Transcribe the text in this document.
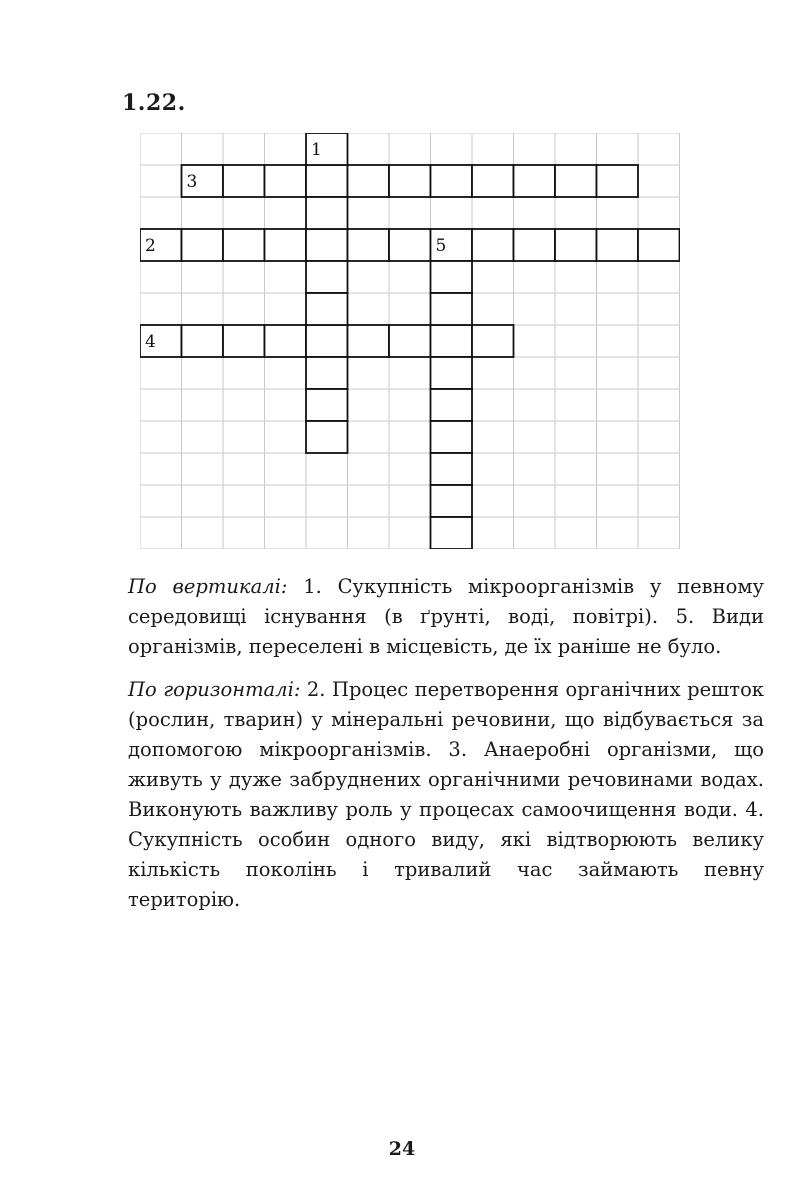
1.22.
1
2
3
4
5

По вертикалі: 1. Сукупність мікроорганізмів у певному середовищі існування (в ґрунті, воді, повітрі). 5. Види організмів, переселені в місцевість, де їх раніше не було.

По горизонталі: 2. Процес перетворення органічних решток (рослин, тварин) у мінеральні речовини, що відбувається за допомогою мікроорганізмів. 3. Анаеробні організми, що живуть у дуже забруднених органічними речовинами водах. Виконують важливу роль у процесах самоочищення води. 4. Сукупність особин одного виду, які відтворюють велику кількість поколінь і тривалий час займають певну територію.

24
